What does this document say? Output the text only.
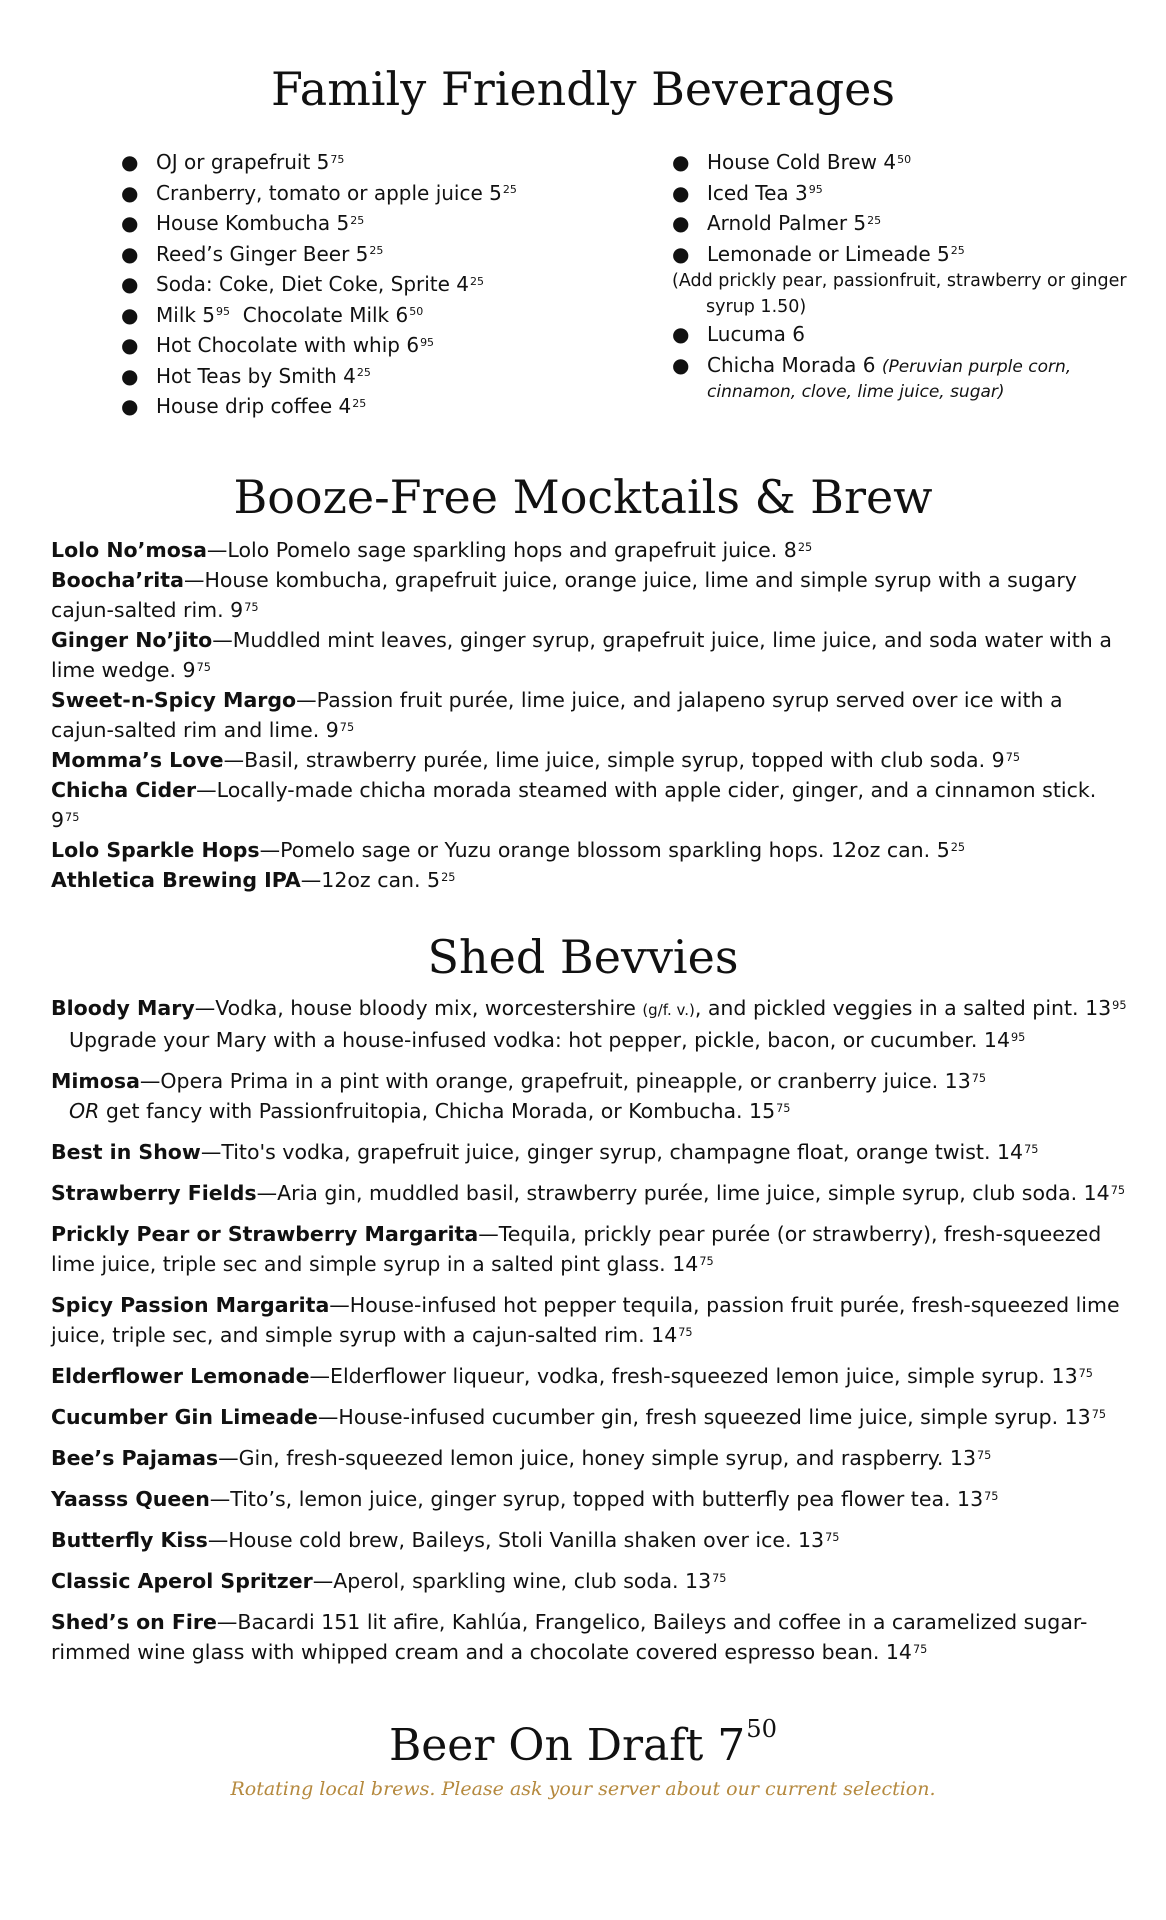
Family Friendly Beverages
● OJ or grapefruit $5^{75}$
● Cranberry, tomato or apple juice $5^{25}$
● House Kombucha $5^{25}$
● Reed’s Ginger Beer $5^{25}$
● Soda: Coke, Diet Coke, Sprite $4^{25}$
● Milk $5^{95}$  Chocolate Milk $6^{50}$
● Hot Chocolate with whip $6^{95}$
● Hot Teas by Smith $4^{25}$
● House drip coffee $4^{25}$
● House Cold Brew $4^{50}$
● Iced Tea $3^{95}$
● Arnold Palmer $5^{25}$
● Lemonade or Limeade $5^{25}$
(Add prickly pear, passionfruit, strawberry or ginger
syrup 1.50)
● Lucuma 6
● Chicha Morada 6 (Peruvian purple corn,
cinnamon, clove, lime juice, sugar)
Booze-Free Mocktails & Brew

Lolo No’mosa—Lolo Pomelo sage sparkling hops and grapefruit juice. $8^{25}$

Boocha’rita—House kombucha, grapefruit juice, orange juice, lime and simple syrup with a sugary cajun-salted rim. $9^{75}$

Ginger No’jito—Muddled mint leaves, ginger syrup, grapefruit juice, lime juice, and soda water with a lime wedge. $9^{75}$

Sweet-n-Spicy Margo—Passion fruit purée, lime juice, and jalapeno syrup served over ice with a cajun-salted rim and lime. $9^{75}$

Momma’s Love—Basil, strawberry purée, lime juice, simple syrup, topped with club soda. $9^{75}$

Chicha Cider—Locally-made chicha morada steamed with apple cider, ginger, and a cinnamon stick. $9^{75}$

Lolo Sparkle Hops—Pomelo sage or Yuzu orange blossom sparkling hops. 12oz can. $5^{25}$

Athletica Brewing IPA—12oz can. $5^{25}$

Shed Bevvies

Bloody Mary—Vodka, house bloody mix, worcestershire (g/f. v.), and pickled veggies in a salted pint. $13^{95}$

Upgrade your Mary with a house-infused vodka: hot pepper, pickle, bacon, or cucumber. $14^{95}$

Mimosa—Opera Prima in a pint with orange, grapefruit, pineapple, or cranberry juice. $13^{75}$

OR get fancy with Passionfruitopia, Chicha Morada, or Kombucha. $15^{75}$

Best in Show—Tito's vodka, grapefruit juice, ginger syrup, champagne float, orange twist. $14^{75}$

Strawberry Fields—Aria gin, muddled basil, strawberry purée, lime juice, simple syrup, club soda. $14^{75}$

Prickly Pear or Strawberry Margarita—Tequila, prickly pear purée (or strawberry), fresh-squeezed lime juice, triple sec and simple syrup in a salted pint glass. $14^{75}$

Spicy Passion Margarita—House-infused hot pepper tequila, passion fruit purée, fresh-squeezed lime juice, triple sec, and simple syrup with a cajun-salted rim. $14^{75}$

Elderflower Lemonade—Elderflower liqueur, vodka, fresh-squeezed lemon juice, simple syrup. $13^{75}$

Cucumber Gin Limeade—House-infused cucumber gin, fresh squeezed lime juice, simple syrup. $13^{75}$

Bee’s Pajamas—Gin, fresh-squeezed lemon juice, honey simple syrup, and raspberry. $13^{75}$

Yaasss Queen—Tito’s, lemon juice, ginger syrup, topped with butterfly pea flower tea. $13^{75}$

Butterfly Kiss—House cold brew, Baileys, Stoli Vanilla shaken over ice. $13^{75}$

Classic Aperol Spritzer—Aperol, sparkling wine, club soda. $13^{75}$

Shed’s on Fire—Bacardi 151 lit afire, Kahlúa, Frangelico, Baileys and coffee in a caramelized sugar-rimmed wine glass with whipped cream and a chocolate covered espresso bean. $14^{75}$

Beer On Draft $7^{50}$
Rotating local brews. Please ask your server about our current selection.
